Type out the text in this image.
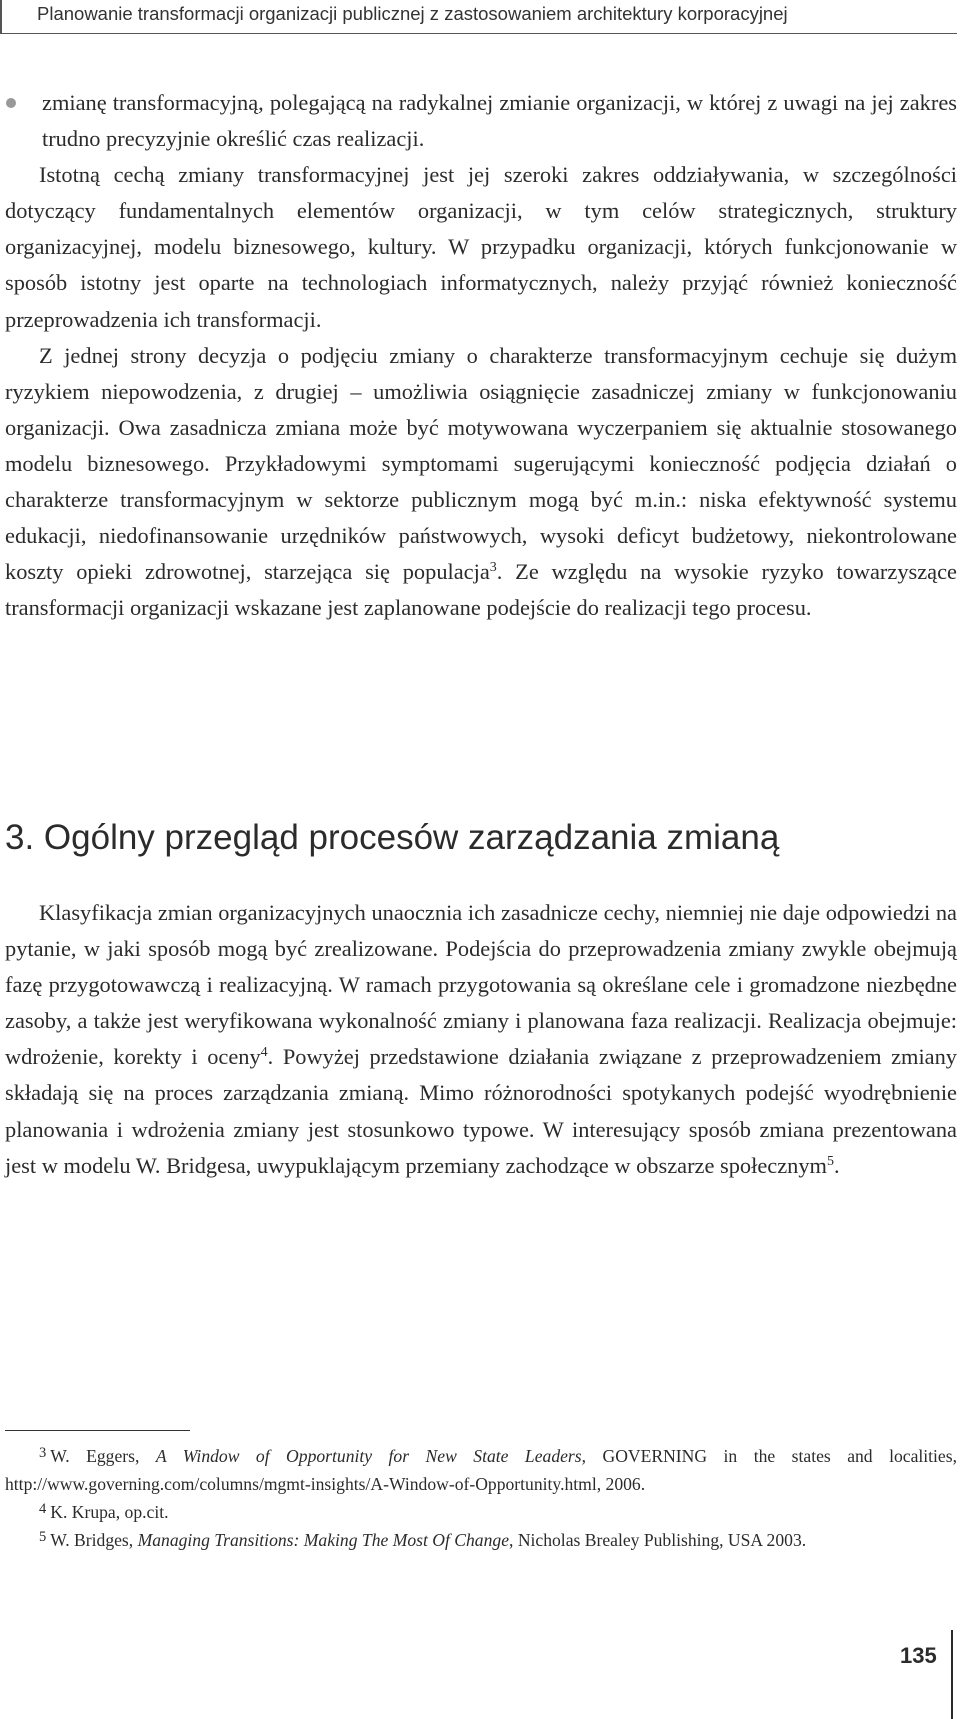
Planowanie transformacji organizacji publicznej z zastosowaniem architektury korporacyjnej

zmianę transformacyjną, polegającą na radykalnej zmianie organizacji, w której z uwagi na jej zakres trudno precyzyjnie określić czas realizacji.

Istotną cechą zmiany transformacyjnej jest jej szeroki zakres oddziaływania, w szczególności dotyczący fundamentalnych elementów organizacji, w tym celów strategicznych, struktury organizacyjnej, modelu biznesowego, kultury. W przypadku organizacji, których funkcjonowanie w sposób istotny jest oparte na technologiach informatycznych, należy przyjąć również konieczność przeprowadzenia ich transformacji.

Z jednej strony decyzja o podjęciu zmiany o charakterze transformacyjnym cechuje się dużym ryzykiem niepowodzenia, z drugiej – umożliwia osiągnięcie zasadniczej zmiany w funkcjonowaniu organizacji. Owa zasadnicza zmiana może być motywowana wyczerpaniem się aktualnie stosowanego modelu biznesowego. Przykładowymi symptomami sugerującymi konieczność podjęcia działań o charakterze transformacyjnym w sektorze publicznym mogą być m.in.: niska efektywność systemu edukacji, niedofinansowanie urzędników państwowych, wysoki deficyt budżetowy, niekontrolowane koszty opieki zdrowotnej, starzejąca się populacja$^3$. Ze względu na wysokie ryzyko towarzyszące transformacji organizacji wskazane jest zaplanowane podejście do realizacji tego procesu.

3. Ogólny przegląd procesów zarządzania zmianą

Klasyfikacja zmian organizacyjnych unaocznia ich zasadnicze cechy, niemniej nie daje odpowiedzi na pytanie, w jaki sposób mogą być zrealizowane. Podejścia do przeprowadzenia zmiany zwykle obejmują fazę przygotowawczą i realizacyjną. W ramach przygotowania są określane cele i gromadzone niezbędne zasoby, a także jest weryfikowana wykonalność zmiany i planowana faza realizacji. Realizacja obejmuje: wdrożenie, korekty i oceny$^4$. Powyżej przedstawione działania związane z przeprowadzeniem zmiany składają się na proces zarządzania zmianą. Mimo różnorodności spotykanych podejść wyodrębnienie planowania i wdrożenia zmiany jest stosunkowo typowe. W interesujący sposób zmiana prezentowana jest w modelu W. Bridgesa, uwypuklającym przemiany zachodzące w obszarze społecznym$^5$.

3 W. Eggers, A Window of Opportunity for New State Leaders, GOVERNING in the states and localities, http://www.governing.com/columns/mgmt-insights/A-Window-of-Opportunity.html, 2006.

4 K. Krupa, op.cit.

5 W. Bridges, Managing Transitions: Making The Most Of Change, Nicholas Brealey Publishing, USA 2003.

135
